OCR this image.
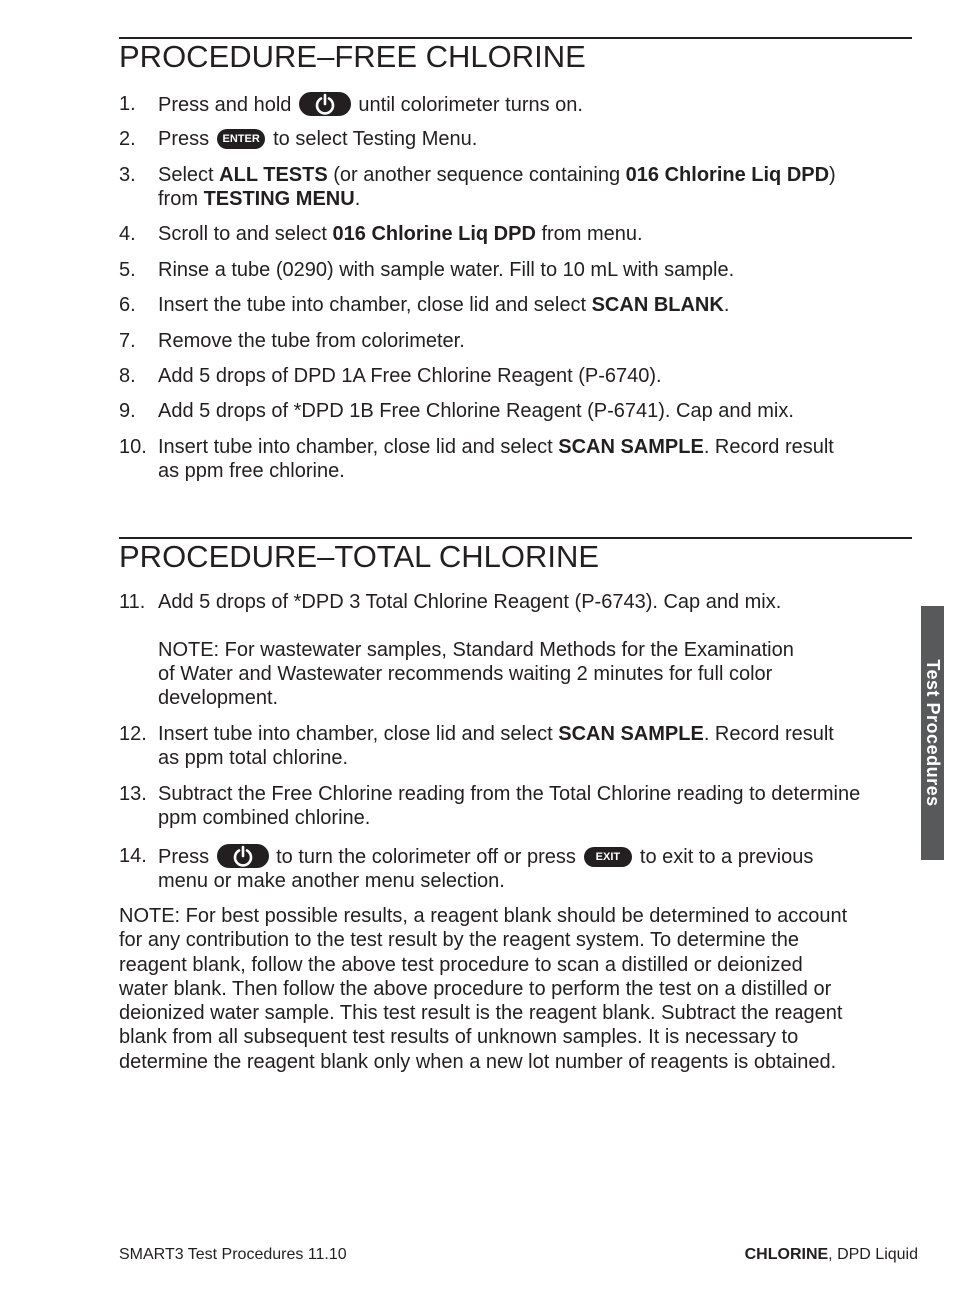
PROCEDURE–FREE CHLORINE
1.	Press and hold	until colorimeter turns on.
2.	Press ENTER to select Testing Menu.
3.	Select ALL TESTS (or another sequence containing 016 Chlorine Liq DPD)
from TESTING MENU.
4.	Scroll to and select 016 Chlorine Liq DPD from menu.
5.	Rinse a tube (0290) with sample water. Fill to 10 mL with sample.
6.	Insert the tube into chamber, close lid and select SCAN BLANK.
7.	Remove the tube from colorimeter.
8.	Add 5 drops of DPD 1A Free Chlorine Reagent (P-6740).
9.	Add 5 drops of *DPD 1B Free Chlorine Reagent (P-6741). Cap and mix.
10. Insert tube into chamber, close lid and select SCAN SAMPLE. Record result
as ppm free chlorine.
PROCEDURE–TOTAL CHLORINE
11. Add 5 drops of *DPD 3 Total Chlorine Reagent (P-6743). Cap and mix.
NOTE: For wastewater samples, Standard Methods for the Examination
of Water and Wastewater recommends waiting 2 minutes for full color
development.
12. Insert tube into chamber, close lid and select SCAN SAMPLE. Record result
as ppm total chlorine.
13. Subtract the Free Chlorine reading from the Total Chlorine reading to determine
ppm combined chlorine.
14. Press	to turn the colorimeter off or press EXIT to exit to a previous
menu or make another menu selection.
NOTE: For best possible results, a reagent blank should be determined to account
for any contribution to the test result by the reagent system. To determine the
reagent blank, follow the above test procedure to scan a distilled or deionized
water blank. Then follow the above procedure to perform the test on a distilled or
deionized water sample. This test result is the reagent blank. Subtract the reagent
blank from all subsequent test results of unknown samples. It is necessary to
determine the reagent blank only when a new lot number of reagents is obtained.
Test Procedures
SMART3 Test Procedures 11.10	CHLORINE, DPD Liquid
